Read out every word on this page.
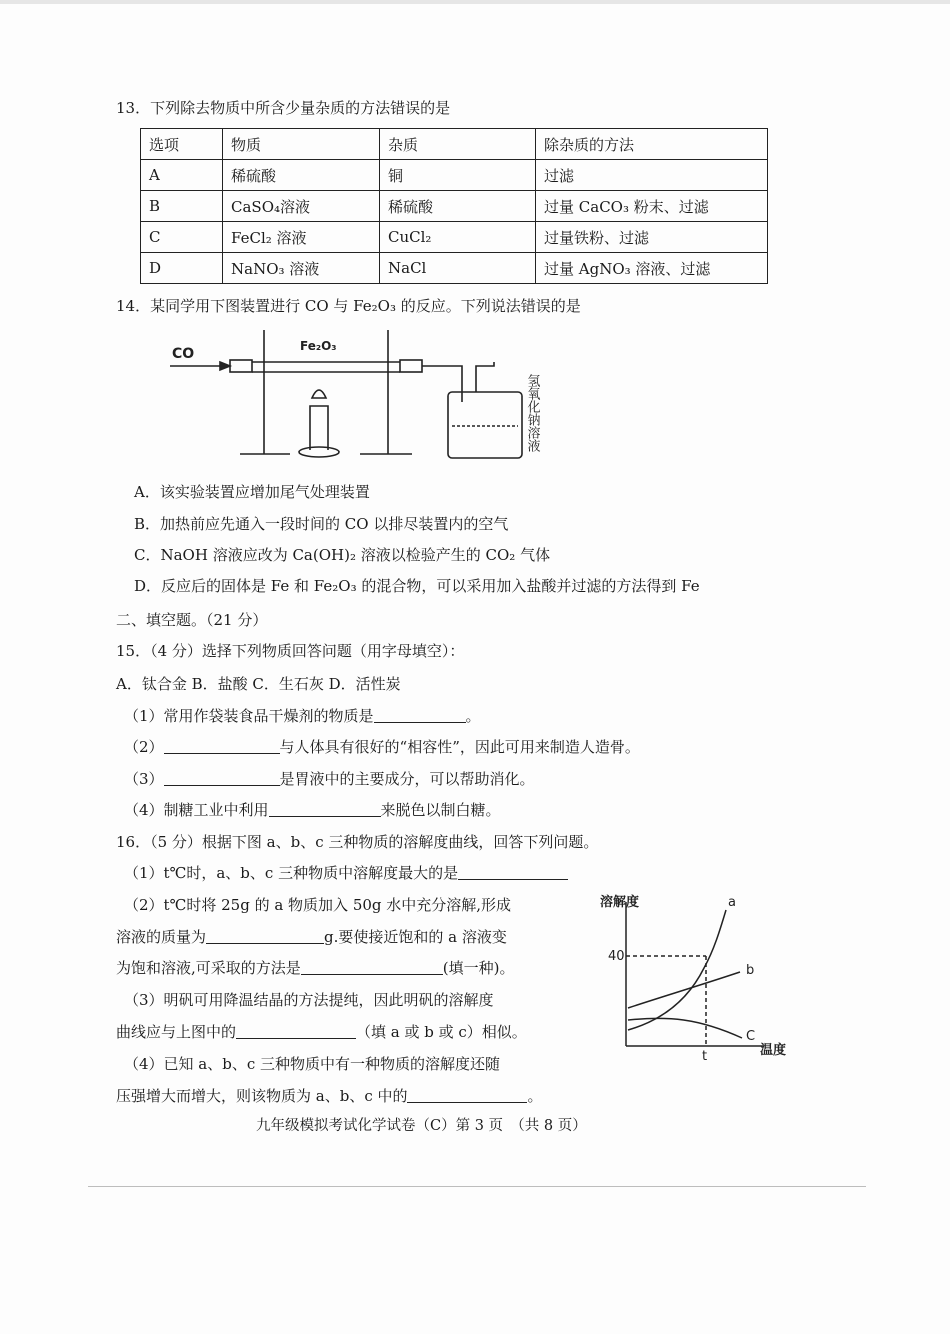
13．下列除去物质中所含少量杂质的方法错误的是
选项	物质	杂质	除杂质的方法
A	稀硫酸	铜	过滤
B	CaSO₄溶液	稀硫酸	过量 CaCO₃ 粉末、过滤
C	FeCl₂ 溶液	CuCl₂	过量铁粉、过滤
D	NaNO₃ 溶液	NaCl	过量 AgNO₃ 溶液、过滤
14．某同学用下图装置进行 CO 与 Fe₂O₃ 的反应。下列说法错误的是
CO	Fe₂O₃
氢氧化钠溶液
A．该实验装置应增加尾气处理装置
B．加热前应先通入一段时间的 CO 以排尽装置内的空气
C．NaOH 溶液应改为 Ca(OH)₂ 溶液以检验产生的 CO₂ 气体
D．反应后的固体是 Fe 和 Fe₂O₃ 的混合物，可以采用加入盐酸并过滤的方法得到 Fe
二、填空题。（21 分）
15．（4 分）选择下列物质回答问题（用字母填空）：
A．钛合金 B．盐酸 C．生石灰 D．活性炭
（1）常用作袋装食品干燥剂的物质是	。
（2）	与人体具有很好的“相容性”，因此可用来制造人造骨。
（3）	是胃液中的主要成分，可以帮助消化。
（4）制糖工业中利用	来脱色以制白糖。
16．（5 分）根据下图 a、b、c 三种物质的溶解度曲线，回答下列问题。
（1）t℃时，a、b、c 三种物质中溶解度最大的是
（2）t℃时将 25g 的 a 物质加入 50g 水中充分溶解,形成
溶液的质量为	g.要使接近饱和的 a 溶液变
为饱和溶液,可采取的方法是	(填一种)。
（3）明矾可用降温结晶的方法提纯，因此明矾的溶解度
曲线应与上图中的	（填 a 或 b 或 c）相似。
（4）已知 a、b、c 三种物质中有一种物质的溶解度还随
压强增大而增大，则该物质为 a、b、c 中的	。
溶解度
40
t	温度
a
b
C
九年级模拟考试化学试卷（C）第 3 页　（共 8 页）
